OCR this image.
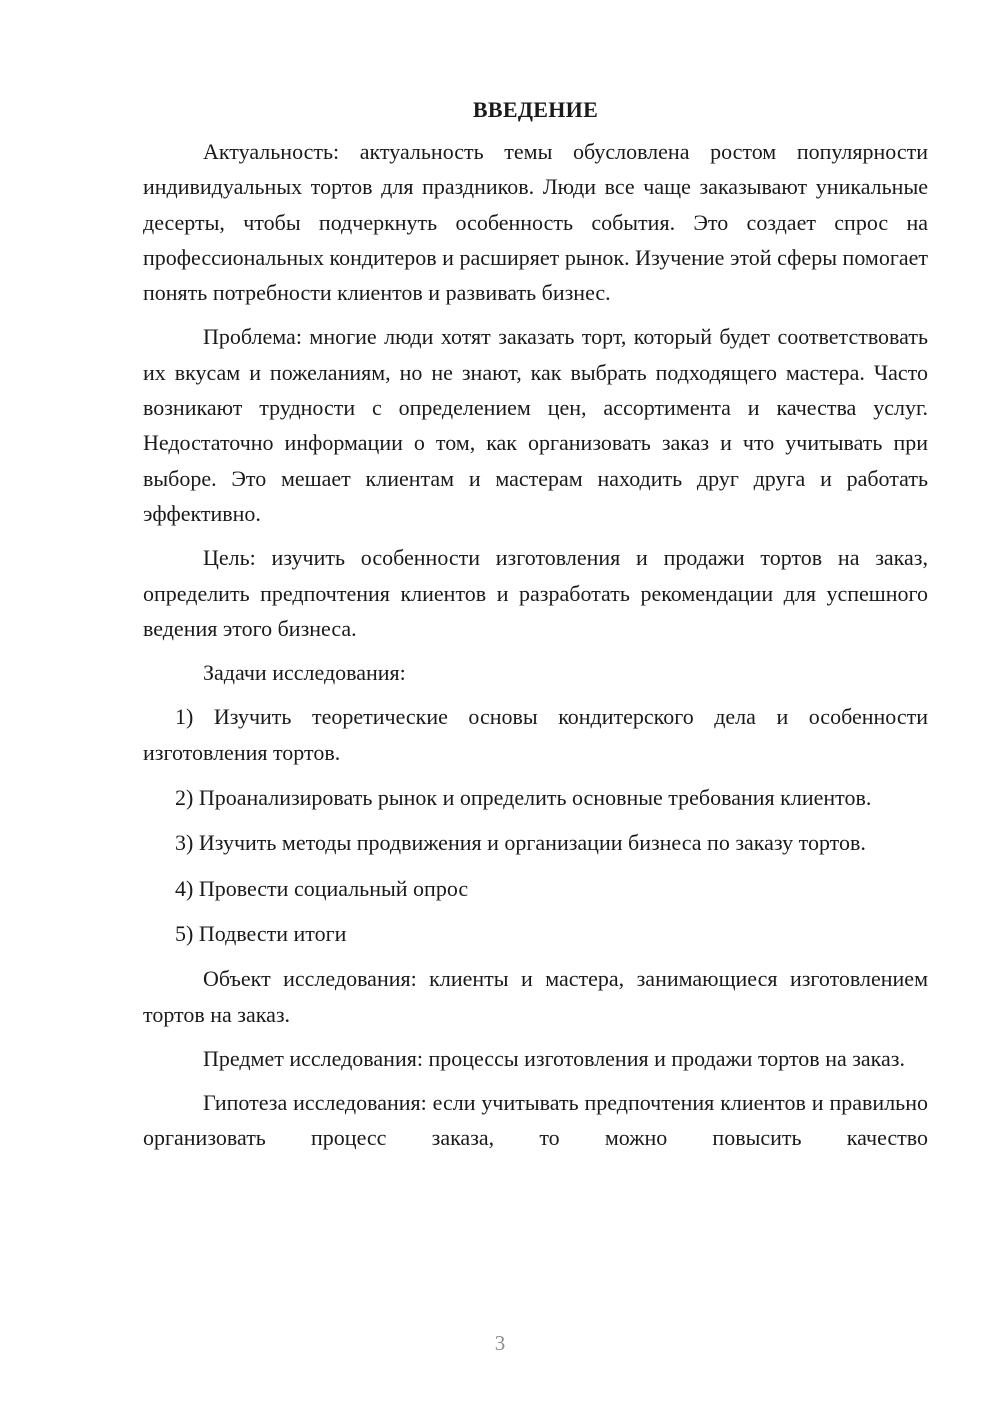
ВВЕДЕНИЕ

Актуальность: актуальность темы обусловлена ростом популярности индивидуальных тортов для праздников. Люди все чаще заказывают уникальные десерты, чтобы подчеркнуть особенность события. Это создает спрос на профессиональных кондитеров и расширяет рынок. Изучение этой сферы помогает понять потребности клиентов и развивать бизнес.

Проблема: многие люди хотят заказать торт, который будет соответствовать их вкусам и пожеланиям, но не знают, как выбрать подходящего мастера. Часто возникают трудности с определением цен, ассортимента и качества услуг. Недостаточно информации о том, как организовать заказ и что учитывать при выборе. Это мешает клиентам и мастерам находить друг друга и работать эффективно.

Цель: изучить особенности изготовления и продажи тортов на заказ, определить предпочтения клиентов и разработать рекомендации для успешного ведения этого бизнеса.

Задачи исследования:

1) Изучить теоретические основы кондитерского дела и особенности изготовления тортов.

2) Проанализировать рынок и определить основные требования клиентов.

3) Изучить методы продвижения и организации бизнеса по заказу тортов.

4) Провести социальный опрос

5) Подвести итоги

Объект исследования: клиенты и мастера, занимающиеся изготовлением тортов на заказ.

Предмет исследования: процессы изготовления и продажи тортов на заказ.

Гипотеза исследования: если учитывать предпочтения клиентов и правильно организовать процесс заказа, то можно повысить качество

3
